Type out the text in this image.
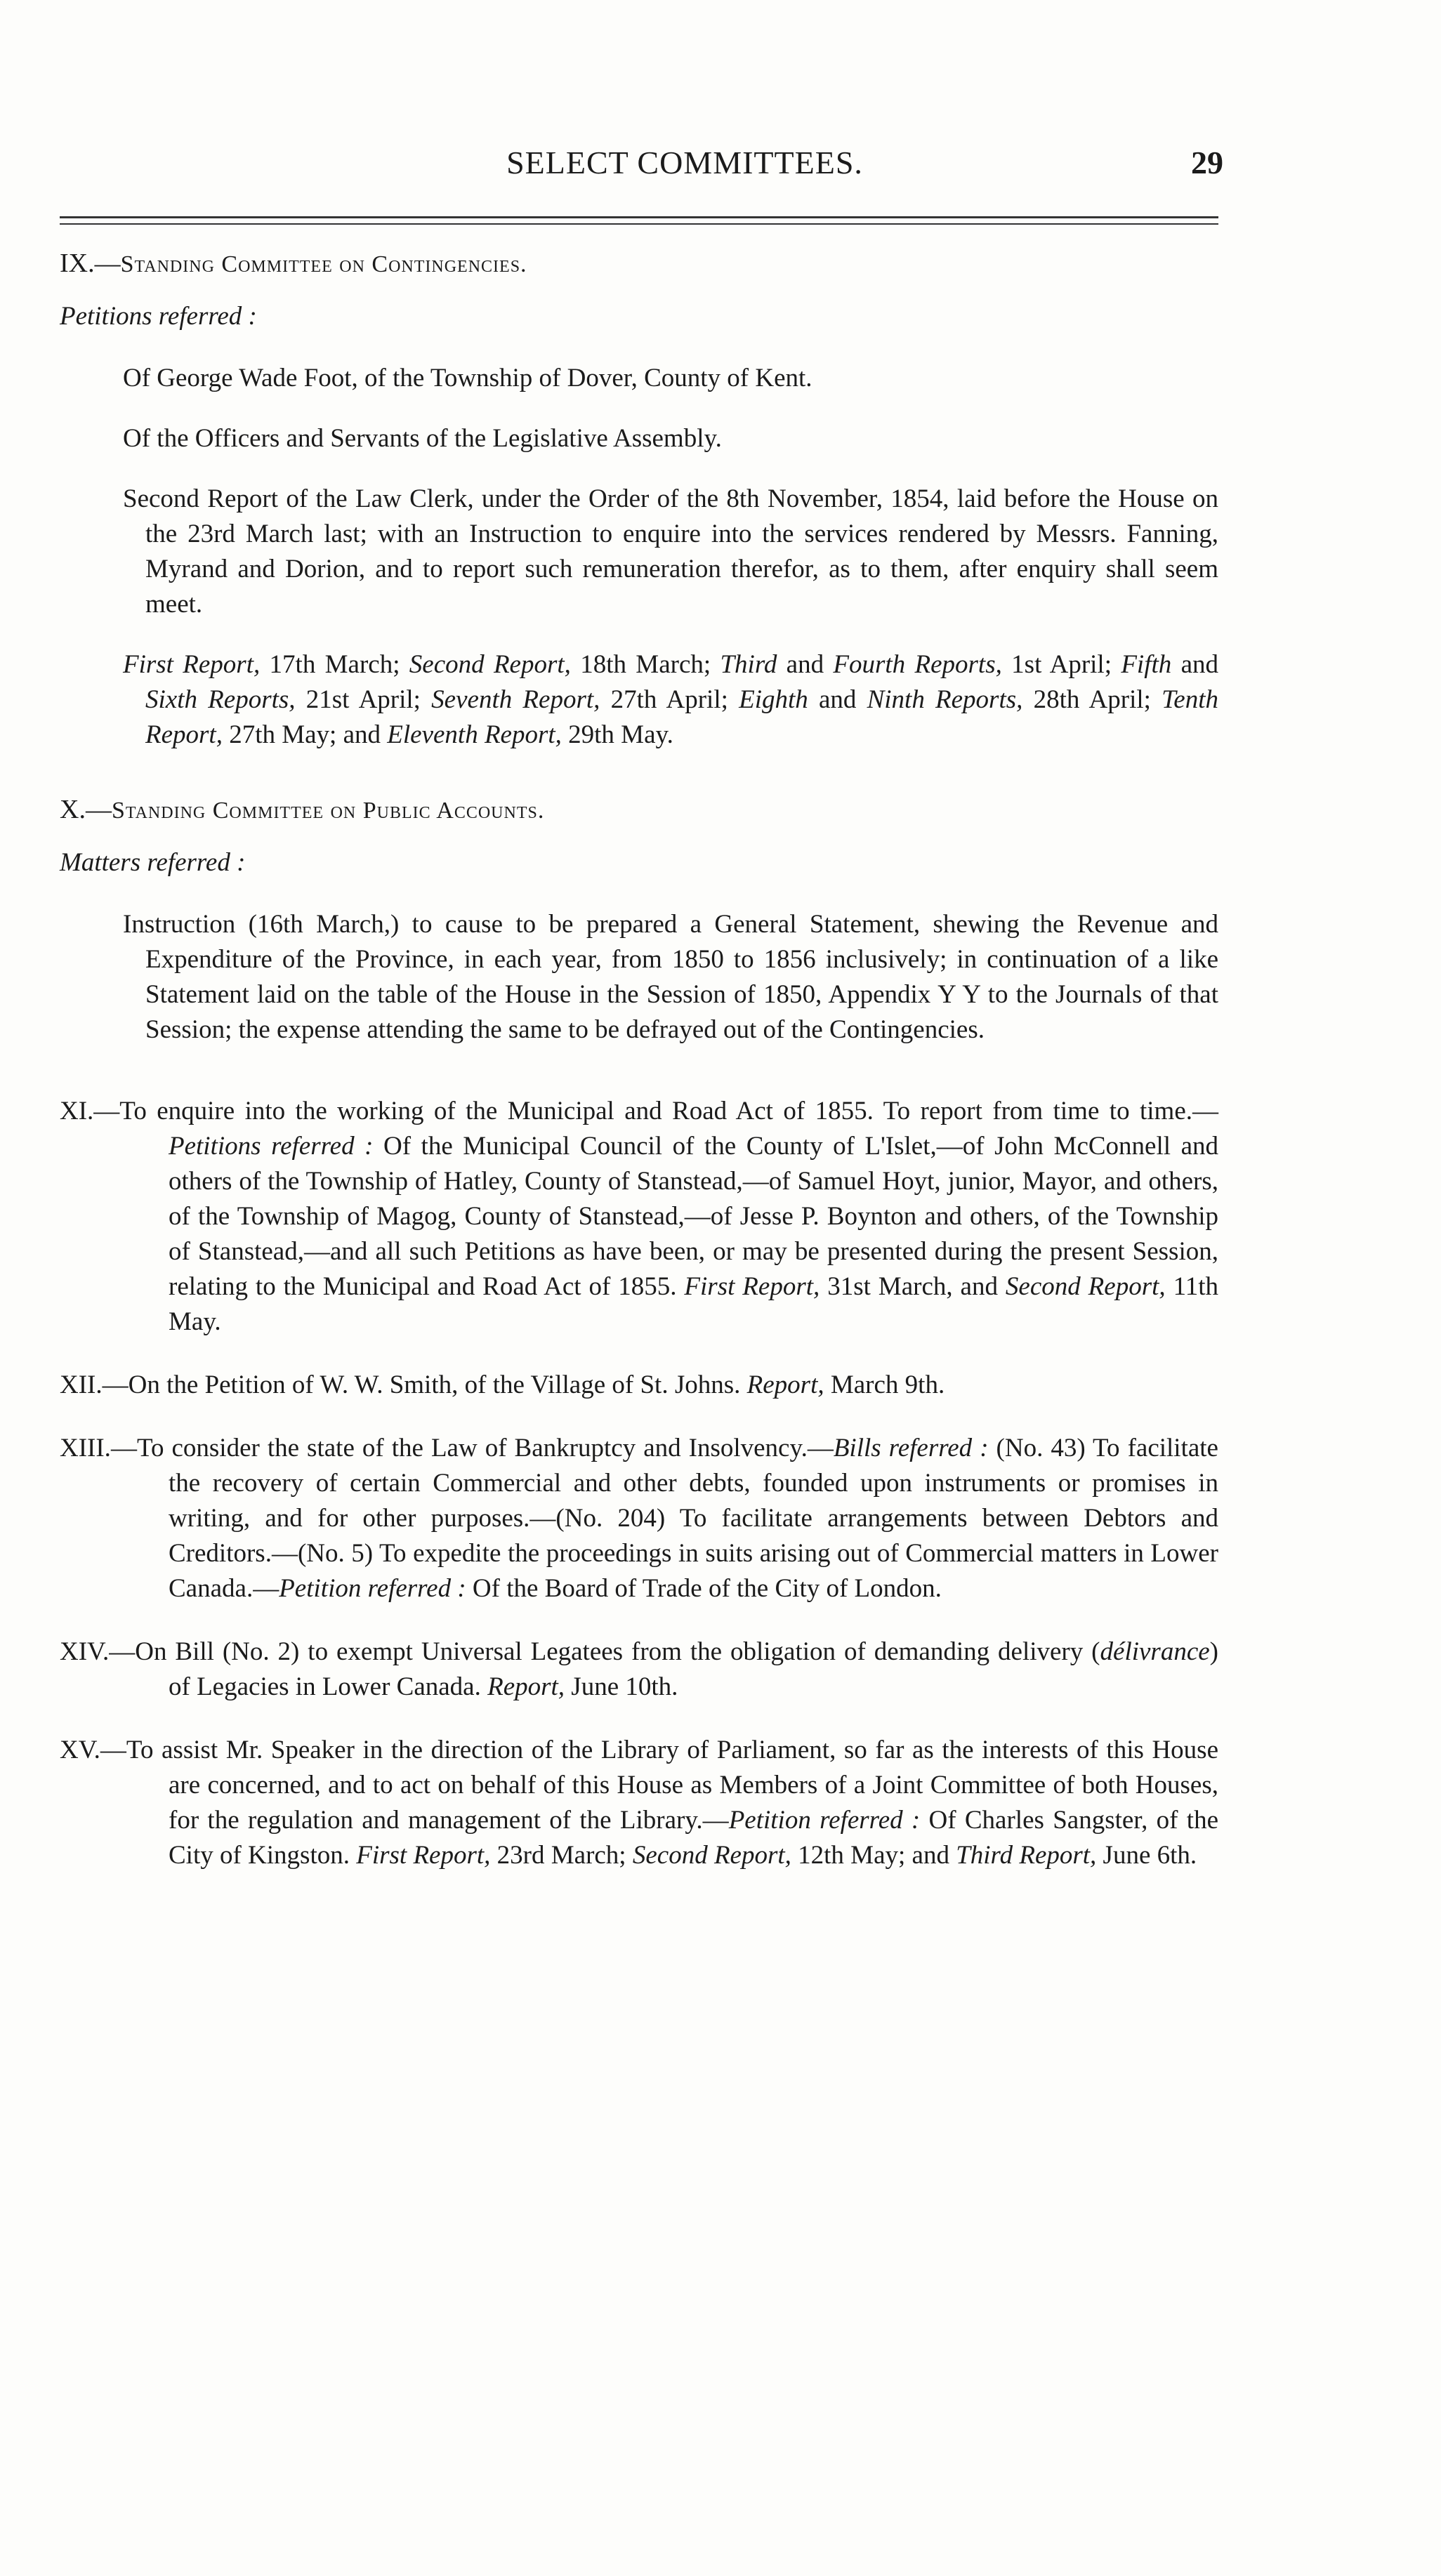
SELECT COMMITTEES.	29
IX.—Standing Committee on Contingencies.
Petitions referred :
Of George Wade Foot, of the Township of Dover, County of Kent.
Of the Officers and Servants of the Legislative Assembly.
Second Report of the Law Clerk, under the Order of the 8th November, 1854, laid before the House on the 23rd March last; with an Instruction to enquire into the services rendered by Messrs. Fanning, Myrand and Dorion, and to report such remuneration therefor, as to them, after enquiry shall seem meet.
First Report, 17th March; Second Report, 18th March; Third and Fourth Reports, 1st April; Fifth and Sixth Reports, 21st April; Seventh Report, 27th April; Eighth and Ninth Reports, 28th April; Tenth Report, 27th May; and Eleventh Report, 29th May.
X.—Standing Committee on Public Accounts.
Matters referred :
Instruction (16th March,) to cause to be prepared a General Statement, shewing the Revenue and Expenditure of the Province, in each year, from 1850 to 1856 inclusively; in continuation of a like Statement laid on the table of the House in the Session of 1850, Appendix Y Y to the Journals of that Session; the expense attending the same to be defrayed out of the Contingencies.
XI.—To enquire into the working of the Municipal and Road Act of 1855. To report from time to time.—Petitions referred : Of the Municipal Council of the County of L'Islet,—of John McConnell and others of the Township of Hatley, County of Stanstead,—of Samuel Hoyt, junior, Mayor, and others, of the Township of Magog, County of Stanstead,—of Jesse P. Boynton and others, of the Township of Stanstead,—and all such Petitions as have been, or may be presented during the present Session, relating to the Municipal and Road Act of 1855. First Report, 31st March, and Second Report, 11th May.
XII.—On the Petition of W. W. Smith, of the Village of St. Johns. Report, March 9th.
XIII.—To consider the state of the Law of Bankruptcy and Insolvency.—Bills referred : (No. 43) To facilitate the recovery of certain Commercial and other debts, founded upon instruments or promises in writing, and for other purposes.—(No. 204) To facilitate arrangements between Debtors and Creditors.—(No. 5) To expedite the proceedings in suits arising out of Commercial matters in Lower Canada.—Petition referred : Of the Board of Trade of the City of London.
XIV.—On Bill (No. 2) to exempt Universal Legatees from the obligation of demanding delivery (délivrance) of Legacies in Lower Canada. Report, June 10th.
XV.—To assist Mr. Speaker in the direction of the Library of Parliament, so far as the interests of this House are concerned, and to act on behalf of this House as Members of a Joint Committee of both Houses, for the regulation and management of the Library.—Petition referred : Of Charles Sangster, of the City of Kingston. First Report, 23rd March; Second Report, 12th May; and Third Report, June 6th.
